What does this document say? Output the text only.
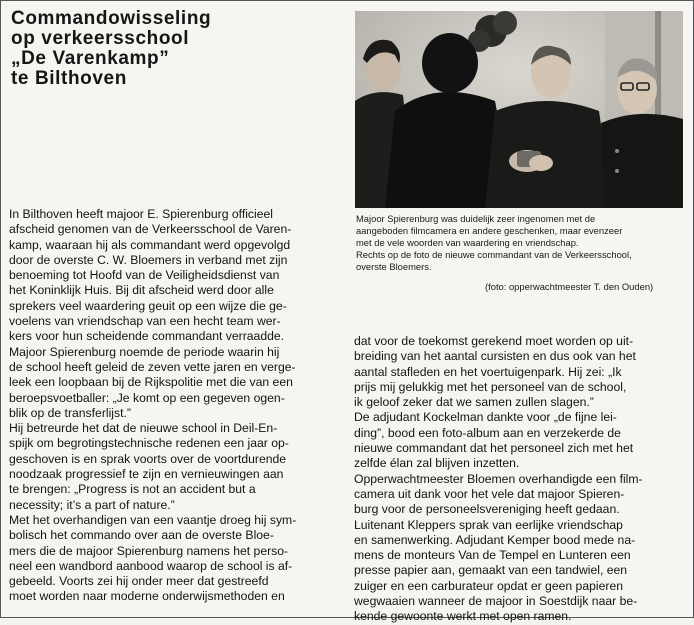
Commandowisseling
op verkeersschool
„De Varenkamp”
te Bilthoven
Majoor Spierenburg was duidelijk zeer ingenomen met de
aangeboden filmcamera en andere geschenken, maar evenzeer
met de vele woorden van waardering en vriendschap.
Rechts op de foto de nieuwe commandant van de Verkeersschool,
overste Bloemers.
(foto: opperwachtmeester T. den Ouden)
In Bilthoven heeft majoor E. Spierenburg officieel
afscheid genomen van de Verkeersschool de Varen-
kamp, waaraan hij als commandant werd opgevolgd
door de overste C. W. Bloemers in verband met zijn
benoeming tot Hoofd van de Veiligheidsdienst van
het Koninklijk Huis. Bij dit afscheid werd door alle
sprekers veel waardering geuit op een wijze die ge-
voelens van vriendschap van een hecht team wer-
kers voor hun scheidende commandant verraadde.
Majoor Spierenburg noemde de periode waarin hij
de school heeft geleid de zeven vette jaren en verge-
leek een loopbaan bij de Rijkspolitie met die van een
beroepsvoetballer: „Je komt op een gegeven ogen-
blik op de transferlijst.”
Hij betreurde het dat de nieuwe school in Deil-En-
spijk om begrotingstechnische redenen een jaar op-
geschoven is en sprak voorts over de voortdurende
noodzaak progressief te zijn en vernieuwingen aan
te brengen: „Progress is not an accident but a
necessity; it’s a part of nature.”
Met het overhandigen van een vaantje droeg hij sym-
bolisch het commando over aan de overste Bloe-
mers die de majoor Spierenburg namens het perso-
neel een wandbord aanbood waarop de school is af-
gebeeld. Voorts zei hij onder meer dat gestreefd
moet worden naar moderne onderwijsmethoden en
dat voor de toekomst gerekend moet worden op uit-
breiding van het aantal cursisten en dus ook van het
aantal stafleden en het voertuigenpark. Hij zei: „Ik
prijs mij gelukkig met het personeel van de school,
ik geloof zeker dat we samen zullen slagen.”
De adjudant Kockelman dankte voor „de fijne lei-
ding”, bood een foto-album aan en verzekerde de
nieuwe commandant dat het personeel zich met het
zelfde élan zal blijven inzetten.
Opperwachtmeester Bloemen overhandigde een film-
camera uit dank voor het vele dat majoor Spieren-
burg voor de personeelsvereniging heeft gedaan.
Luitenant Kleppers sprak van eerlijke vriendschap
en samenwerking. Adjudant Kemper bood mede na-
mens de monteurs Van de Tempel en Lunteren een
presse papier aan, gemaakt van een tandwiel, een
zuiger en een carburateur opdat er geen papieren
wegwaaien wanneer de majoor in Soestdijk naar be-
kende gewoonte werkt met open ramen.
